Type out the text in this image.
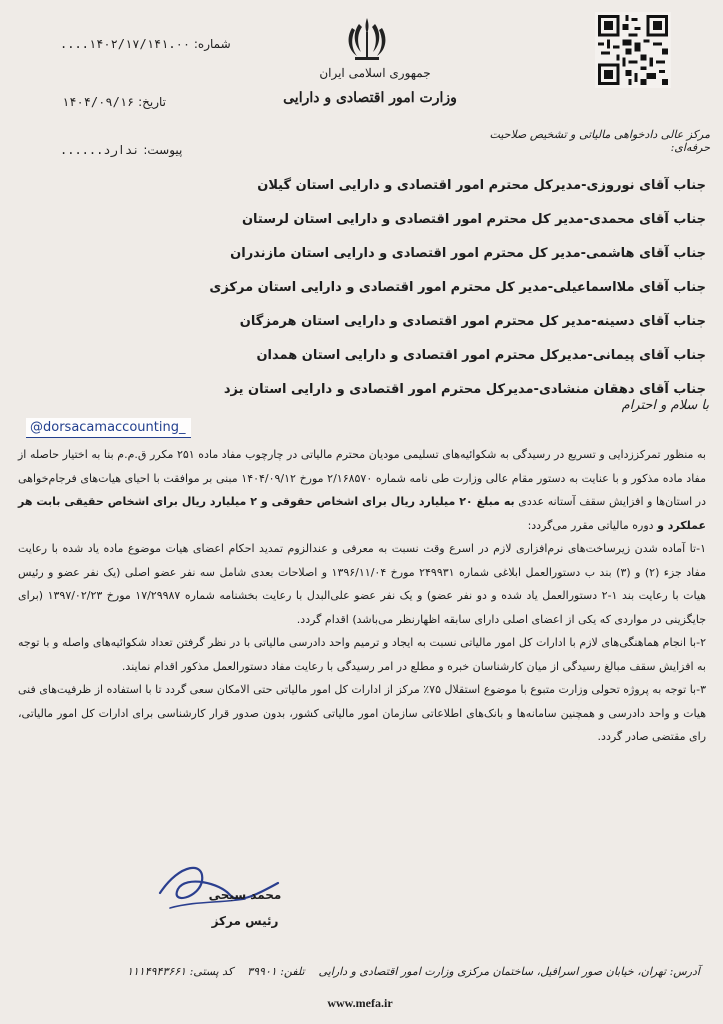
جمهوری اسلامی ایران
وزارت امور اقتصادی و دارایی
شماره: ۱۴۰۲/۱۷/۱۴۱.۰۰....
تاریخ: ۱۴۰۴/۰۹/۱۶
پیوست: ندارد......
مرکز عالی دادخواهی مالیاتی و تشخیص صلاحیت حرفه‌ای:
جناب آقای نوروزی-مدیرکل محترم امور اقتصادی و دارایی استان گیلان
جناب آقای محمدی-مدیر کل محترم امور اقتصادی و دارایی استان لرستان
جناب آقای هاشمی-مدیر کل محترم امور اقتصادی و دارایی استان مازندران
جناب آقای ملااسماعیلی-مدیر کل محترم امور اقتصادی و دارایی استان مرکزی
جناب آقای دسینه-مدیر کل محترم امور اقتصادی و دارایی استان هرمزگان
جناب آقای پیمانی-مدیرکل محترم امور اقتصادی و دارایی استان همدان
جناب آقای دهقان منشادی-مدیرکل محترم امور اقتصادی و دارایی استان یزد
با سلام و احترام
@dorsacamaccounting_

به منظور تمرکززدایی و تسریع در رسیدگی به شکوائیه‌های تسلیمی مودیان محترم مالیاتی در چارچوب مفاد ماده ۲۵۱ مکرر ق.م.م بنا به اختیار حاصله از مفاد ماده مذکور و با عنایت به دستور مقام عالی وزارت طی نامه شماره ۲/۱۶۸۵۷۰ مورخ ۱۴۰۴/۰۹/۱۲ مبنی بر موافقت با احیای هیات‌های فرجام‌خواهی در استان‌ها و افزایش سقف آستانه عددی به مبلغ ۲۰ میلیارد ریال برای اشخاص حقوقی و ۲ میلیارد ریال برای اشخاص حقیقی بابت هر عملکرد و دوره مالیاتی مقرر می‌گردد:

۱-تا آماده شدن زیرساخت‌های نرم‌افزاری لازم در اسرع وقت نسبت به معرفی و عندالزوم تمدید احکام اعضای هیات موضوع ماده یاد شده با رعایت مفاد جزء (۲) و (۳) بند ب دستورالعمل ابلاغی شماره ۲۴۹۹۳۱ مورخ ۱۳۹۶/۱۱/۰۴ و اصلاحات بعدی شامل سه نفر عضو اصلی (یک نفر عضو و رئیس هیات با رعایت بند ۱-۲ دستورالعمل یاد شده و دو نفر عضو) و یک نفر عضو علی‌البدل با رعایت بخشنامه شماره ۱۷/۲۹۹۸۷ مورخ ۱۳۹۷/۰۲/۲۳ (برای جایگزینی در مواردی که یکی از اعضای اصلی دارای سابقه اظهارنظر می‌باشد) اقدام گردد.

۲-با انجام هماهنگی‌های لازم با ادارات کل امور مالیاتی نسبت به ایجاد و ترمیم واحد دادرسی مالیاتی با در نظر گرفتن تعداد شکوائیه‌های واصله و با توجه به افزایش سقف مبالغ رسیدگی از میان کارشناسان خبره و مطلع در امر رسیدگی با رعایت مفاد دستورالعمل مذکور اقدام نمایند.

۳-با توجه به پروژه تحولی وزارت متبوع با موضوع استقلال ۷۵٪ مرکز از ادارات کل امور مالیاتی حتی الامکان سعی گردد تا با استفاده از ظرفیت‌های فنی هیات و واحد دادرسی و همچنین سامانه‌ها و بانک‌های اطلاعاتی سازمان امور مالیاتی کشور، بدون صدور قرار کارشناسی برای ادارات کل امور مالیاتی، رای مقتضی صادر گردد.

محمد سبحی
رئیس مرکز
آدرس: تهران، خیابان صور اسرافیل، ساختمان مرکزی وزارت امور اقتصادی و دارایی    تلفن: ۳۹۹۰۱    کد پستی: ۱۱۱۴۹۴۳۶۶۱
www.mefa.ir
